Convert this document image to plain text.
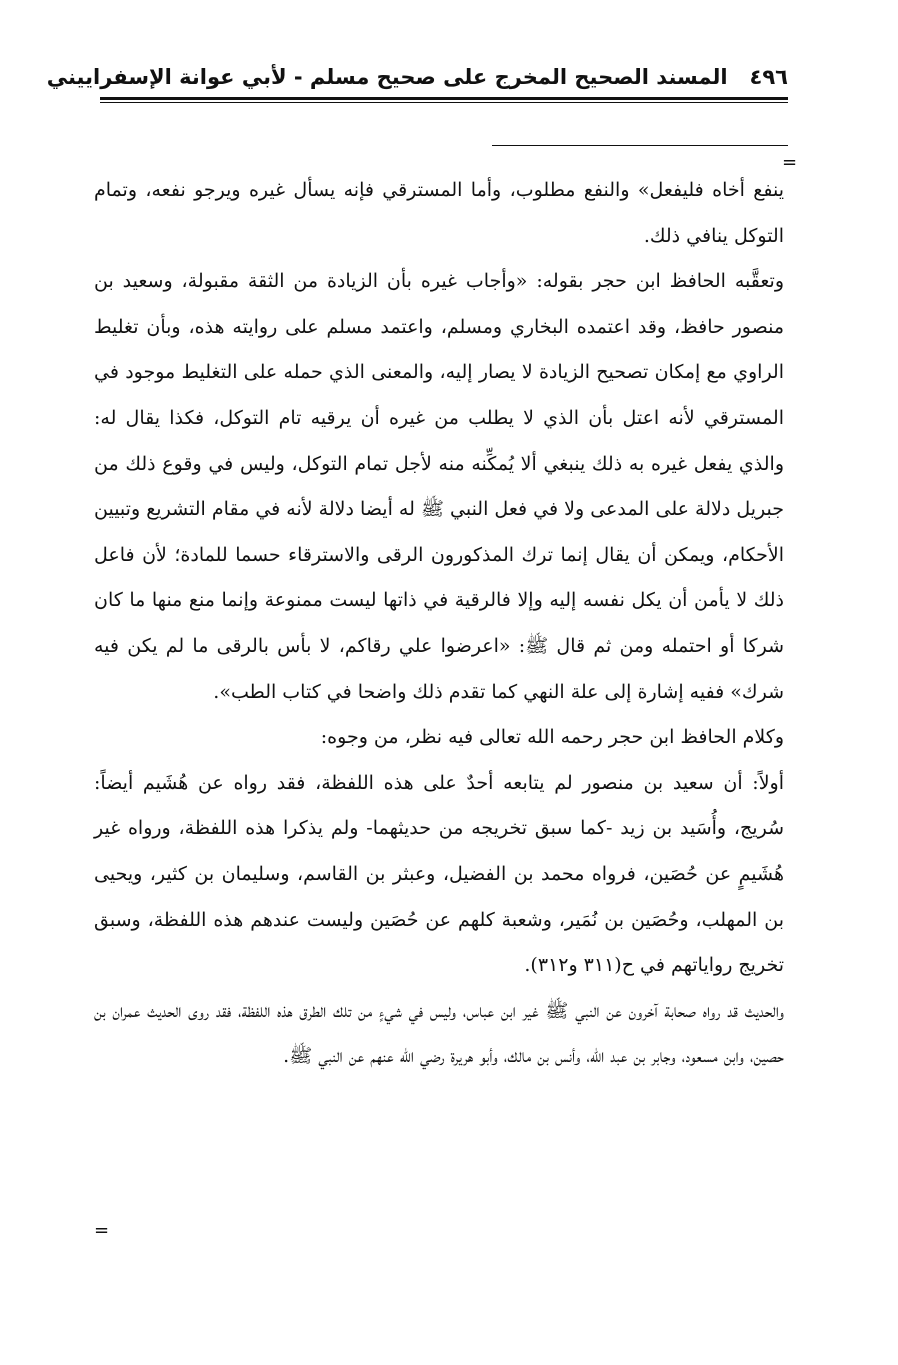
٤٩٦
المسند الصحيح المخرج على صحيح مسلم - لأبي عوانة الإسفراييني
=

ينفع أخاه فليفعل» والنفع مطلوب، وأما المسترقي فإنه يسأل غيره ويرجو نفعه، وتمام التوكل ينافي ذلك.

وتعقَّبه الحافظ ابن حجر بقوله: «وأجاب غيره بأن الزيادة من الثقة مقبولة، وسعيد بن منصور حافظ، وقد اعتمده البخاري ومسلم، واعتمد مسلم على روايته هذه، وبأن تغليط الراوي مع إمكان تصحيح الزيادة لا يصار إليه، والمعنى الذي حمله على التغليط موجود في المسترقي لأنه اعتل بأن الذي لا يطلب من غيره أن يرقيه تام التوكل، فكذا يقال له: والذي يفعل غيره به ذلك ينبغي ألا يُمكِّنه منه لأجل تمام التوكل، وليس في وقوع ذلك من جبريل دلالة على المدعى ولا في فعل النبي ﷺ له أيضا دلالة لأنه في مقام التشريع وتبيين الأحكام، ويمكن أن يقال إنما ترك المذكورون الرقى والاسترقاء حسما للمادة؛ لأن فاعل ذلك لا يأمن أن يكل نفسه إليه وإلا فالرقية في ذاتها ليست ممنوعة وإنما منع منها ما كان شركا أو احتمله ومن ثم قال ﷺ: «اعرضوا علي رقاكم، لا بأس بالرقى ما لم يكن فيه شرك» ففيه إشارة إلى علة النهي كما تقدم ذلك واضحا في كتاب الطب».

وكلام الحافظ ابن حجر رحمه الله تعالى فيه نظر، من وجوه:

أولاً: أن سعيد بن منصور لم يتابعه أحدٌ على هذه اللفظة، فقد رواه عن هُشَيم أيضاً: سُريج، وأُسَيد بن زيد -كما سبق تخريجه من حديثهما- ولم يذكرا هذه اللفظة، ورواه غير هُشَيمٍ عن حُصَين، فرواه محمد بن الفضيل، وعبثر بن القاسم، وسليمان بن كثير، ويحيى بن المهلب، وحُصَين بن نُمَير، وشعبة كلهم عن حُصَين وليست عندهم هذه اللفظة، وسبق تخريج رواياتهم في ح(٣١١ و٣١٢).

والحديث قد رواه صحابة آخرون عن النبي ﷺ غير ابن عباس، وليس في شيءٍ من تلك الطرق هذه اللفظة، فقد روى الحديث عمران بن حصين، وابن مسعود، وجابر بن عبد الله، وأنس بن مالك، وأبو هريرة رضي الله عنهم عن النبي ﷺ.

=
